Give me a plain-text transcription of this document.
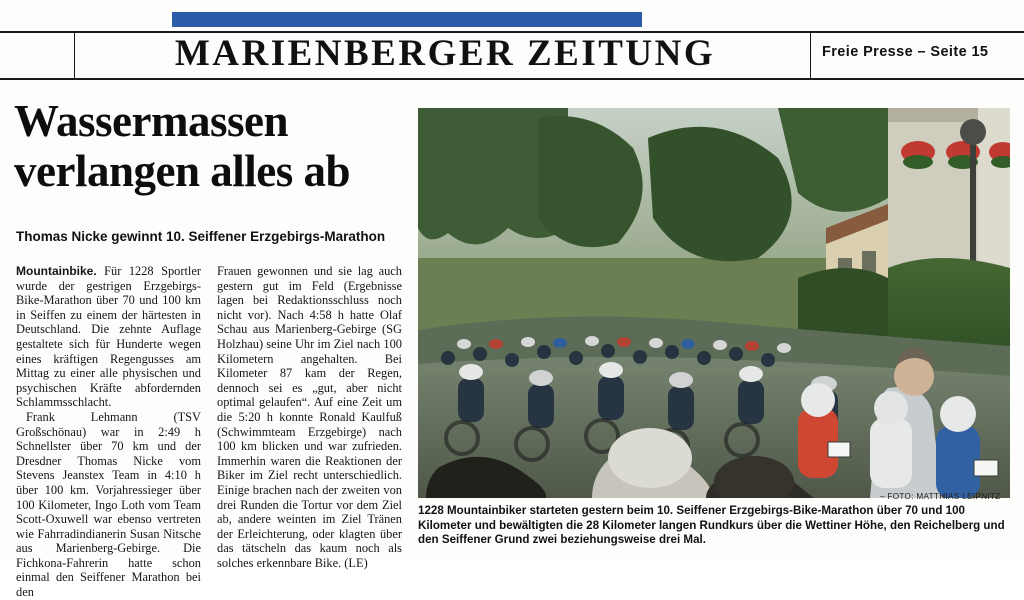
MARIENBERGER ZEITUNG	Freie Presse – Seite 15
Wassermassen
verlangen alles ab
Thomas Nicke gewinnt 10. Seiffener Erzgebirgs-Marathon

Mountainbike. Für 1228 Sportler wurde der gestrigen Erzgebirgs-Bike-Marathon über 70 und 100 km in Seiffen zu einem der härtesten in Deutschland. Die zehnte Auflage gestaltete sich für Hunderte wegen eines kräftigen Regengusses am Mittag zu einer alle physischen und psychischen Kräfte abfordernden Schlammsschlacht.

Frank Lehmann (TSV Großschönau) war in 2:49 h Schnellster über 70 km und der Dresdner Thomas Nicke vom Stevens Jeanstex Team in 4:10 h über 100 km. Vorjahressieger über 100 Kilometer, Ingo Loth vom Team Scott-Oxuwell war ebenso vertreten wie Fahrradindianerin Susan Nitsche aus Marienberg-Gebirge. Die Fichkona-Fahrerin hatte schon einmal den Seiffener Marathon bei den

Frauen gewonnen und sie lag auch gestern gut im Feld (Ergebnisse lagen bei Redaktionsschluss noch nicht vor). Nach 4:58 h hatte Olaf Schau aus Marienberg-Gebirge (SG Holzhau) seine Uhr im Ziel nach 100 Kilometern angehalten. Bei Kilometer 87 kam der Regen, dennoch sei es „gut, aber nicht optimal gelaufen“. Auf eine Zeit um die 5:20 h konnte Ronald Kaulfuß (Schwimmteam Erzgebirge) nach 100 km blicken und war zufrieden. Immerhin waren die Reaktionen der Biker im Ziel recht unterschiedlich. Einige brachen nach der zweiten von drei Runden die Tortur vor dem Ziel ab, andere weinten im Ziel Tränen der Erleichterung, oder klagten über das tätscheln das kaum noch als solches erkennbare Bike. (LE)

– FOTO: MATTHIAS LEIPNITZ
1228 Mountainbiker starteten gestern beim 10. Seiffener Erzgebirgs-Bike-Marathon über 70 und 100 Kilometer und bewältigten die 28 Kilometer langen Rundkurs über die Wettiner Höhe, den Reichelberg und den Seiffener Grund zwei beziehungsweise drei Mal.
